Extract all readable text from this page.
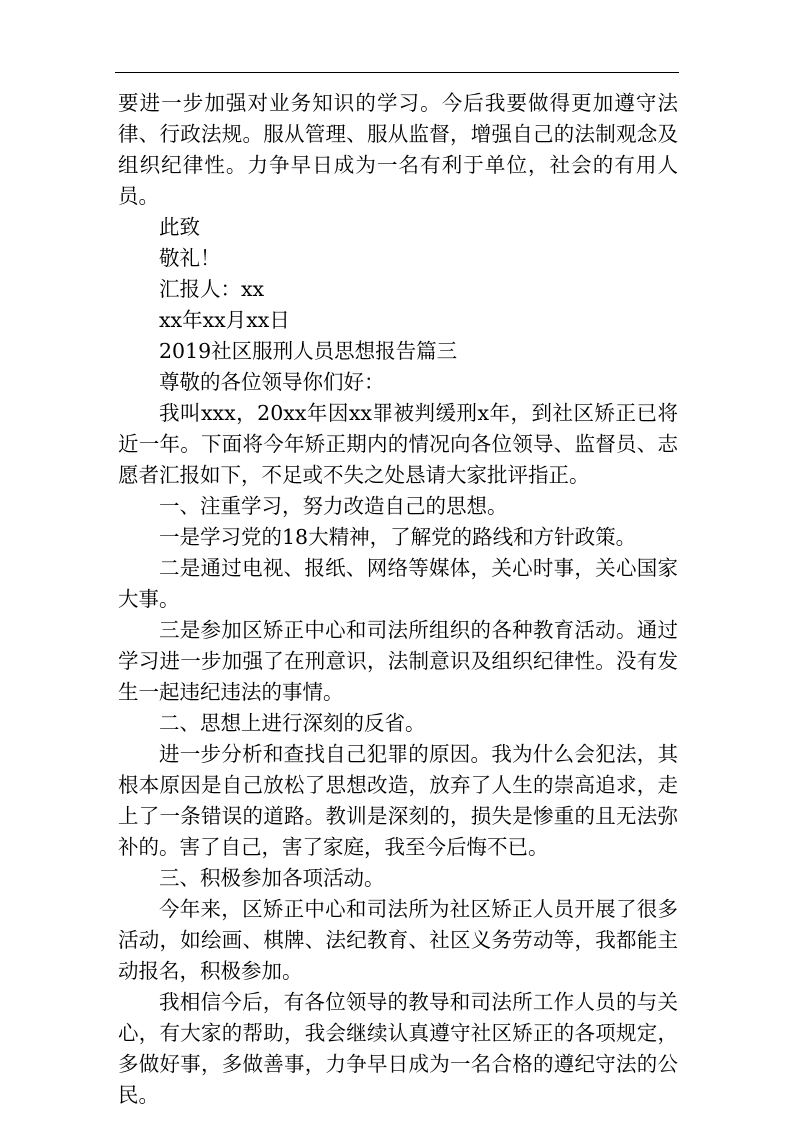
要进一步加强对业务知识的学习。今后我要做得更加遵守法律、行政法规。服从管理、服从监督，增强自己的法制观念及组织纪律性。力争早日成为一名有利于单位，社会的有用人员。

此致

敬礼！

汇报人：xx

xx年xx月xx日

2019社区服刑人员思想报告篇三

尊敬的各位领导你们好：

我叫xxx，20xx年因xx罪被判缓刑x年，到社区矫正已将近一年。下面将今年矫正期内的情况向各位领导、监督员、志愿者汇报如下，不足或不失之处恳请大家批评指正。

一、注重学习，努力改造自己的思想。

一是学习党的18大精神，了解党的路线和方针政策。

二是通过电视、报纸、网络等媒体，关心时事，关心国家大事。

三是参加区矫正中心和司法所组织的各种教育活动。通过学习进一步加强了在刑意识，法制意识及组织纪律性。没有发生一起违纪违法的事情。

二、思想上进行深刻的反省。

进一步分析和查找自己犯罪的原因。我为什么会犯法，其根本原因是自己放松了思想改造，放弃了人生的崇高追求，走上了一条错误的道路。教训是深刻的，损失是惨重的且无法弥补的。害了自己，害了家庭，我至今后悔不已。

三、积极参加各项活动。

今年来，区矫正中心和司法所为社区矫正人员开展了很多活动，如绘画、棋牌、法纪教育、社区义务劳动等，我都能主动报名，积极参加。

我相信今后，有各位领导的教导和司法所工作人员的与关心，有大家的帮助，我会继续认真遵守社区矫正的各项规定，多做好事，多做善事，力争早日成为一名合格的遵纪守法的公民。
